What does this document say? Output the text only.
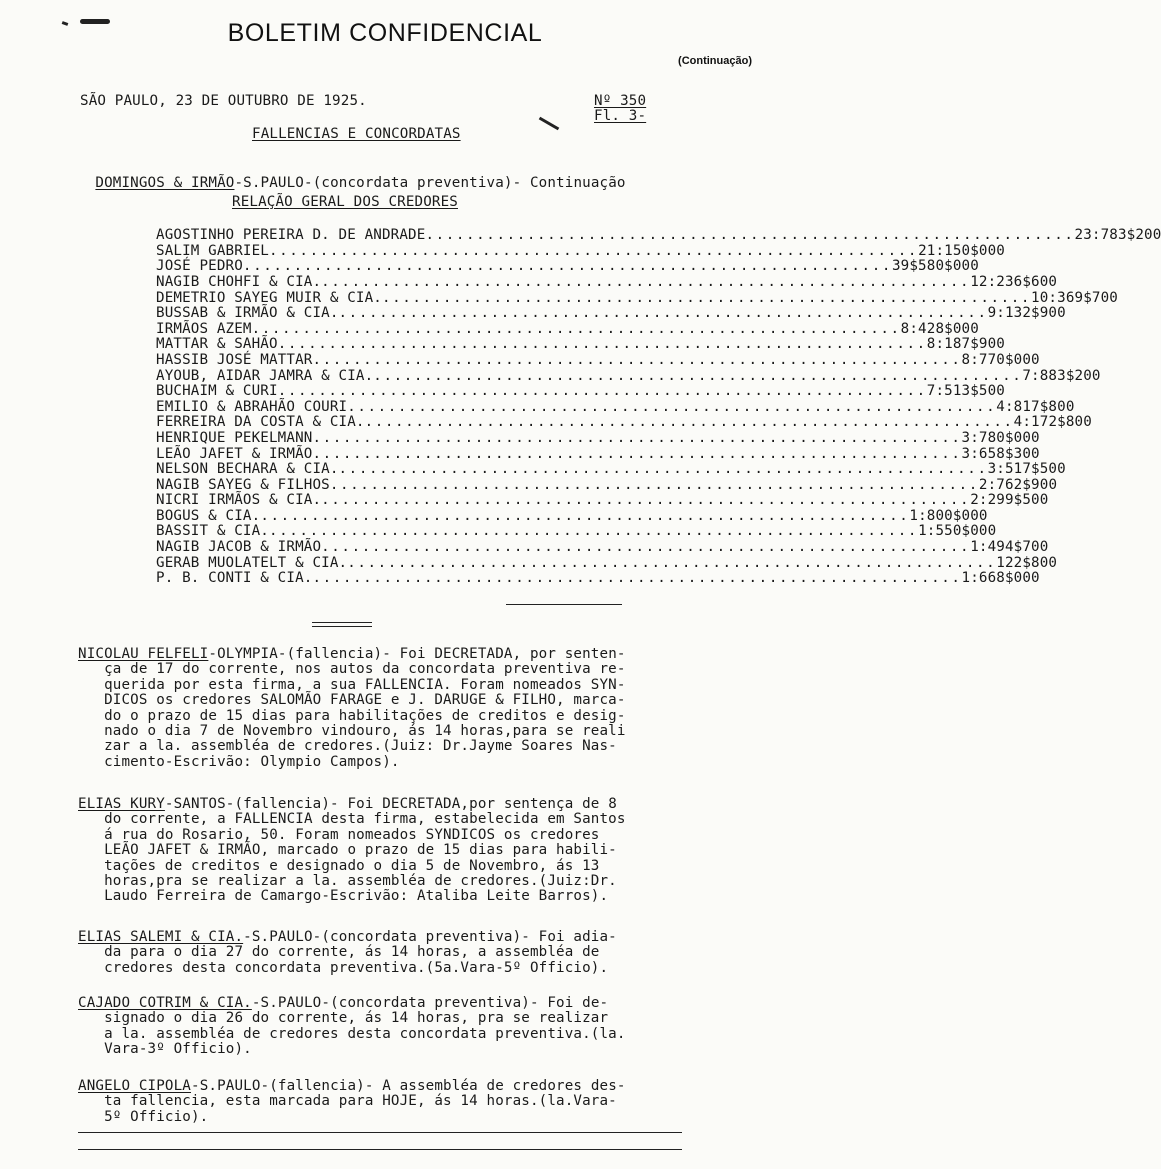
BOLETIM CONFIDENCIAL
(Continuação)
SÃO PAULO, 23 DE OUTUBRO DE 1925.	Nº 350
Fl. 3-
FALLENCIAS E CONCORDATAS

DOMINGOS & IRMÃO-S.PAULO-(concordata preventiva)- Continuação

RELAÇÃO GERAL DOS CREDORES
AGOSTINHO PEREIRA D. DE ANDRADE ................................................................ 23:783$200
SALIM GABRIEL ................................................................ 21:150$000
JOSÉ PEDRO ................................................................ 39$580$000
NAGIB CHOHFI & CIA. ................................................................ 12:236$600
DEMETRIO SAYEG MUIR & CIA. ................................................................ 10:369$700
BUSSAB & IRMÃO & CIA. ................................................................ 9:132$900
IRMÃOS AZEM ................................................................ 8:428$000
MATTAR & SAHÃO ................................................................ 8:187$900
HASSIB JOSÉ MATTAR ................................................................ 8:770$000
AYOUB, AIDAR JAMRA & CIA. ................................................................ 7:883$200
BUCHAIM & CURI ................................................................ 7:513$500
EMILIO & ABRAHÃO COURI ................................................................ 4:817$800
FERREIRA DA COSTA & CIA. ................................................................ 4:172$800
HENRIQUE PEKELMANN ................................................................ 3:780$000
LEÃO JAFET & IRMÃO ................................................................ 3:658$300
NELSON BECHARA & CIA. ................................................................ 3:517$500
NAGIB SAYEG & FILHOS ................................................................ 2:762$900
NICRI IRMÃOS & CIA. ................................................................ 2:299$500
BOGUS & CIA. ................................................................ 1:800$000
BASSIT & CIA. ................................................................ 1:550$000
NAGIB JACOB & IRMÃO ................................................................ 1:494$700
GERAB MUOLATELT & CIA. ................................................................ 122$800
P. B. CONTI & CIA. ................................................................ 1:668$000
NICOLAU FELFELI-OLYMPIA-(fallencia)- Foi DECRETADA, por senten-
ça de 17 do corrente, nos autos da concordata preventiva re-
querida por esta firma, a sua FALLENCIA. Foram nomeados SYN-
DICOS os credores SALOMÃO FARAGE e J. DARUGE & FILHO, marca-
do o prazo de 15 dias para habilitações de creditos e desig-
nado o dia 7 de Novembro vindouro, ás 14 horas,para se reali
zar a la. assembléa de credores.(Juiz: Dr.Jayme Soares Nas-
cimento-Escrivão: Olympio Campos).
ELIAS KURY-SANTOS-(fallencia)- Foi DECRETADA,por sentença de 8
do corrente, a FALLENCIA desta firma, estabelecida em Santos
á rua do Rosario, 50. Foram nomeados SYNDICOS os credores
LEÃO JAFET & IRMÃO, marcado o prazo de 15 dias para habili-
tações de creditos e designado o dia 5 de Novembro, ás 13
horas,pra se realizar a la. assembléa de credores.(Juiz:Dr.
Laudo Ferreira de Camargo-Escrivão: Ataliba Leite Barros).
ELIAS SALEMI & CIA.-S.PAULO-(concordata preventiva)- Foi adia-
da para o dia 27 do corrente, ás 14 horas, a assembléa de
credores desta concordata preventiva.(5a.Vara-5º Officio).
CAJADO COTRIM & CIA.-S.PAULO-(concordata preventiva)- Foi de-
signado o dia 26 do corrente, ás 14 horas, pra se realizar
a la. assembléa de credores desta concordata preventiva.(la.
Vara-3º Officio).
ANGELO CIPOLA-S.PAULO-(fallencia)- A assembléa de credores des-
ta fallencia, esta marcada para HOJE, ás 14 horas.(la.Vara-
5º Officio).
